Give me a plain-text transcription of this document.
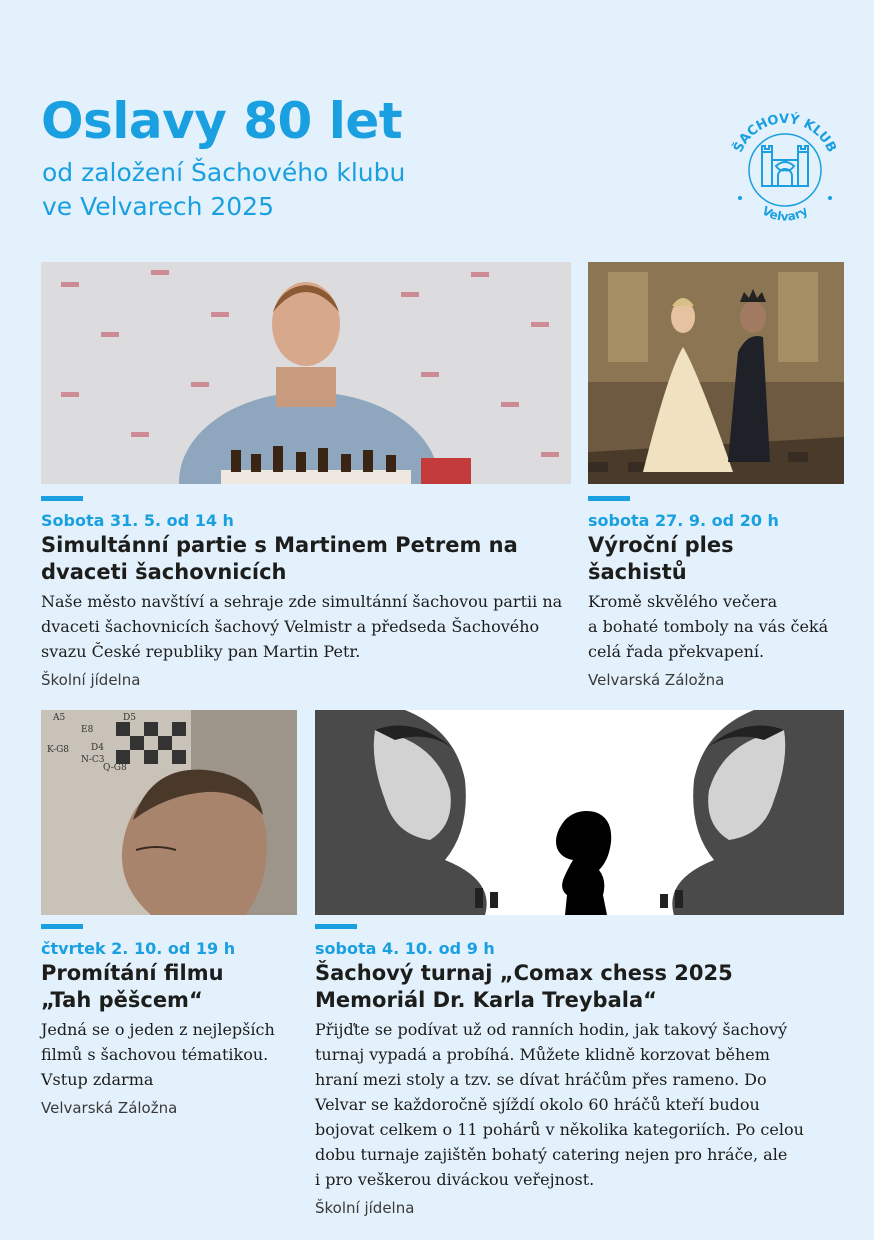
Oslavy 80 let

od založení Šachového klubu
ve Velvarech 2025

ŠACHOVÝ KLUB
Velvary
Sobota 31. 5. od 14 h
Simultánní partie s Martinem Petrem na
dvaceti šachovnicích
Naše město navštíví a sehraje zde simultánní šachovou partii na
dvaceti šachovnicích šachový Velmistr a předseda Šachového
svazu České republiky pan Martin Petr.
Školní jídelna
sobota 27. 9. od 20 h
Výroční ples
šachistů
Kromě skvělého večera
a bohaté tomboly na vás čeká
celá řada překvapení.
Velvarská Záložna
A5	D5
E8
K-G8 D4
N-C3
Q-G8
čtvrtek 2. 10. od 19 h
Promítání filmu
„Tah pěšcem“
Jedná se o jeden z nejlepších
filmů s šachovou tématikou.
Vstup zdarma
Velvarská Záložna
sobota 4. 10. od 9 h
Šachový turnaj „Comax chess 2025
Memoriál Dr. Karla Treybala“
Přijďte se podívat už od ranních hodin, jak takový šachový
turnaj vypadá a probíhá. Můžete klidně korzovat během
hraní mezi stoly a tzv. se dívat hráčům přes rameno. Do
Velvar se každoročně sjíždí okolo 60 hráčů kteří budou
bojovat celkem o 11 pohárů v několika kategoriích. Po celou
dobu turnaje zajištěn bohatý catering nejen pro hráče, ale
i pro veškerou diváckou veřejnost.
Školní jídelna
